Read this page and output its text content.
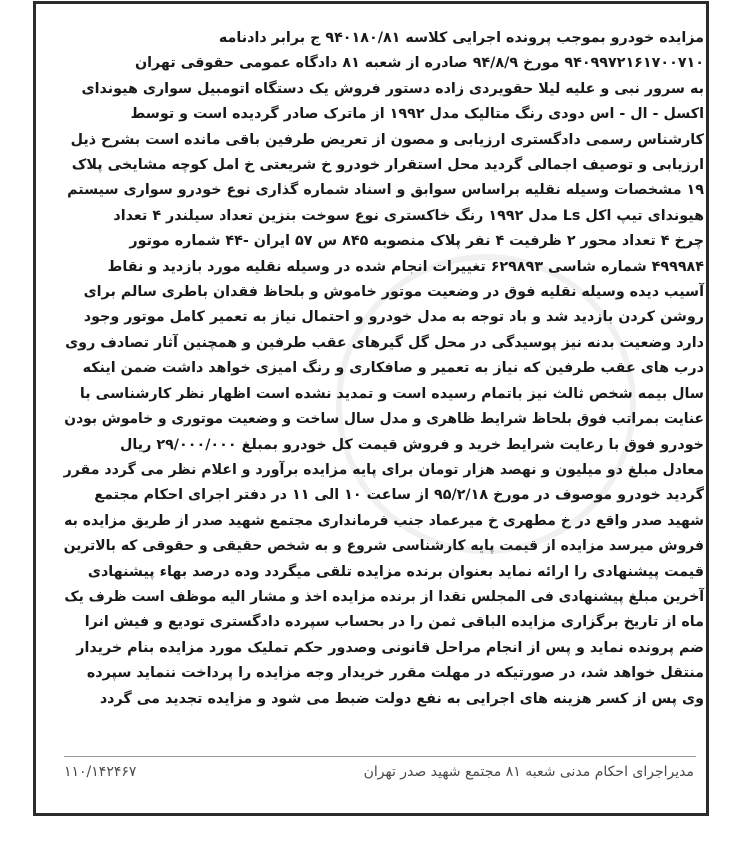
مزایده خودرو بموجب پرونده اجرایی کلاسه ۹۴۰۱۸۰/۸۱ ج برابر دادنامه
۹۴۰۹۹۷۲۱۶۱۷۰۰۷۱۰ مورخ ۹۴/۸/۹ صادره از شعبه ۸۱ دادگاه عمومی حقوقی تهران
به سرور نبی و علیه لیلا حقویردی زاده دستور فروش یک دستگاه اتومبیل سواری هیوندای
اکسل - ال - اس دودی رنگ متالیک مدل ۱۹۹۲ از ماترک صادر گردیده است و توسط
کارشناس رسمی دادگستری ارزیابی و مصون از تعریض طرفین باقی مانده است بشرح ذیل
ارزیابی و توصیف اجمالی گردید محل استقرار خودرو خ شریعتی خ امل کوچه مشایخی پلاک
۱۹ مشخصات وسیله نقلیه براساس سوابق و اسناد شماره گذاری نوع خودرو سواری سیستم
هیوندای تیپ اکل Ls مدل ۱۹۹۲ رنگ خاکستری نوع سوخت بنزین تعداد سیلندر ۴ تعداد
چرخ ۴ تعداد محور ۲ ظرفیت ۴ نفر پلاک منصوبه ۸۴۵ س ۵۷ ایران -۴۴ شماره موتور
۴۹۹۹۸۴ شماره شاسی ۶۲۹۸۹۳ تغییرات انجام شده در وسیله نقلیه مورد بازدید و نقاط
آسیب دیده وسیله نقلیه فوق در وضعیت موتور خاموش و بلحاظ فقدان باطری سالم برای
روشن کردن بازدید شد و باد توجه به مدل خودرو و احتمال نیاز به تعمیر کامل موتور وجود
دارد وضعیت بدنه نیز پوسیدگی در محل گل گیرهای عقب طرفین و همچنین آثار تصادف روی
درب های عقب طرفین که نیاز به تعمیر و صافکاری و رنگ امیزی خواهد داشت ضمن اینکه
سال بیمه شخص ثالث نیز باتمام رسیده است و تمدید نشده است اظهار نظر کارشناسی با
عنایت بمراتب فوق بلحاظ شرایط ظاهری و مدل سال ساخت و وضعیت موتوری و خاموش بودن
خودرو فوق با رعایت شرایط خرید و فروش قیمت کل خودرو بمبلغ ۲۹/۰۰۰/۰۰۰ ریال
معادل مبلغ دو میلیون و نهصد هزار تومان برای پایه مزایده برآورد و اعلام نظر می گردد مقرر
گردید خودرو موصوف در مورخ ۹۵/۲/۱۸ از ساعت ۱۰ الی ۱۱ در دفتر اجرای احکام مجتمع
شهید صدر واقع در خ مطهری خ میرعماد جنب فرمانداری مجتمع شهید صدر از طریق مزایده به
فروش میرسد مزایده از قیمت پایه کارشناسی شروع و به شخص حقیقی و حقوقی که بالاترین
قیمت پیشنهادی را ارائه نماید بعنوان برنده مزایده تلقی میگردد وده درصد بهاء پیشنهادی
آخرین مبلغ پیشنهادی فی المجلس نقدا از برنده مزایده اخذ و مشار الیه موظف است ظرف یک
ماه از تاریخ برگزاری مزایده الباقی ثمن را در بحساب سپرده دادگستری تودیع و فیش انرا
ضم پرونده نماید و پس از انجام مراحل قانونی وصدور حکم تملیک مورد مزایده بنام خریدار
منتقل خواهد شد، در صورتیکه در مهلت مقرر خریدار وجه مزایده را پرداخت ننماید سپرده
وی پس از کسر هزینه های اجرایی به نفع دولت ضبط می شود و مزایده تجدید می گردد
مدیراجرای احکام مدنی شعبه ۸۱ مجتمع شهید صدر تهران
۱۱۰/۱۴۲۴۶۷
